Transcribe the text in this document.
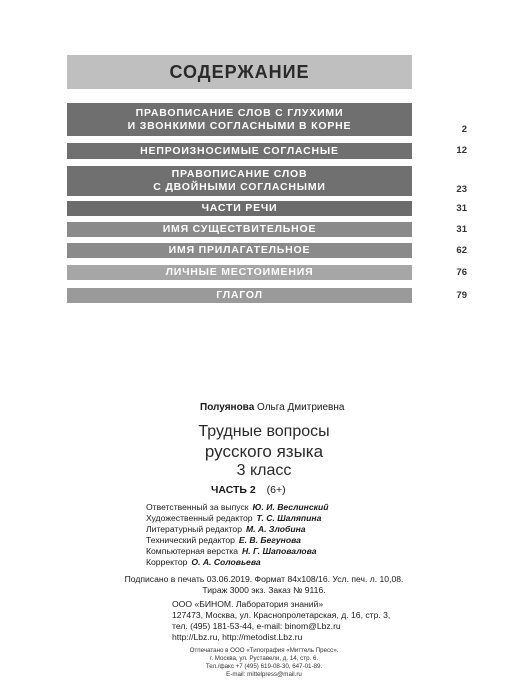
СОДЕРЖАНИЕ
ПРАВОПИСАНИЕ СЛОВ С ГЛУХИМИ
И ЗВОНКИМИ СОГЛАСНЫМИ В КОРНЕ	2
НЕПРОИЗНОСИМЫЕ СОГЛАСНЫЕ	12
ПРАВОПИСАНИЕ СЛОВ
С ДВОЙНЫМИ СОГЛАСНЫМИ	23
ЧАСТИ РЕЧИ	31
ИМЯ СУЩЕСТВИТЕЛЬНОЕ	31
ИМЯ ПРИЛАГАТЕЛЬНОЕ	62
ЛИЧНЫЕ МЕСТОИМЕНИЯ	76
ГЛАГОЛ	79
Полуянова Ольга Дмитриевна
Трудные вопросы
русского языка
3 класс
ЧАСТЬ 2 (6+)
Ответственный за выпуск Ю. И. Веслинский
Художественный редактор Т. С. Шаляпина
Литературный редактор М. А. Злобина
Технический редактор Е. В. Бегунова
Компьютерная верстка Н. Г. Шаповалова
Корректор О. А. Соловьева
Подписано в печать 03.06.2019. Формат 84x108/16. Усл. печ. л. 10,08.
Тираж 3000 экз. Заказ № 9116.
ООО «БИНОМ. Лаборатория знаний»
127473, Москва, ул. Краснопролетарская, д. 16, стр. 3,
тел. (495) 181-53-44, e-mail: binom@Lbz.ru
http://Lbz.ru, http://metodist.Lbz.ru
Отпечатано в ООО «Типография «Миттель Пресс».
г. Москва, ул. Руставели, д. 14, стр. 6.
Тел./факс +7 (495) 619-08-30, 647-01-89.
E-mail: mittelpress@mail.ru
